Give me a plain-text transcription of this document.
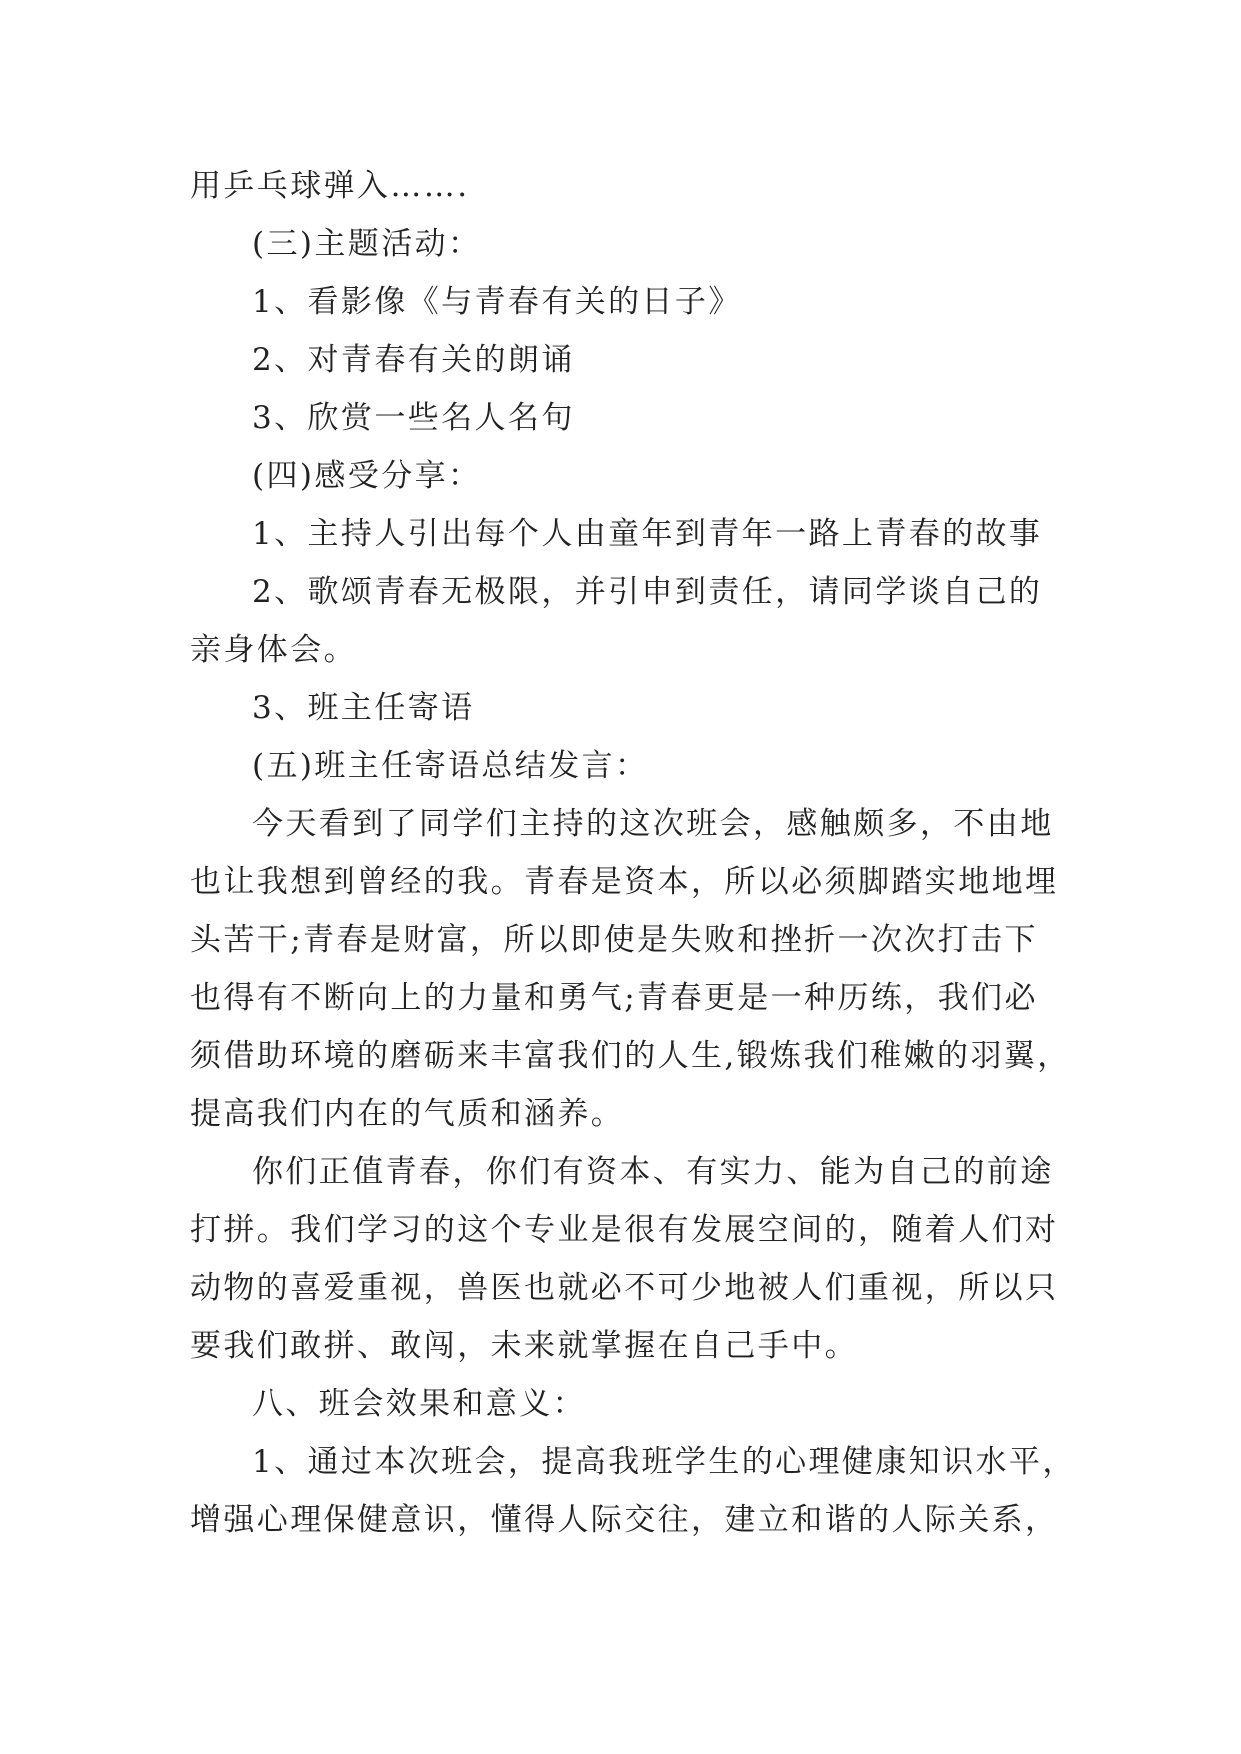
用乒乓球弹入…….
(三)主题活动：
1、看影像《与青春有关的日子》
2、对青春有关的朗诵
3、欣赏一些名人名句
(四)感受分享：
1、主持人引出每个人由童年到青年一路上青春的故事
2、歌颂青春无极限，并引申到责任，请同学谈自己的
亲身体会。
3、班主任寄语
(五)班主任寄语总结发言：
今天看到了同学们主持的这次班会，感触颇多，不由地
也让我想到曾经的我。青春是资本，所以必须脚踏实地地埋
头苦干;青春是财富，所以即使是失败和挫折一次次打击下
也得有不断向上的力量和勇气;青春更是一种历练，我们必
须借助环境的磨砺来丰富我们的人生,锻炼我们稚嫩的羽翼，
提高我们内在的气质和涵养。
你们正值青春，你们有资本、有实力、能为自己的前途
打拼。我们学习的这个专业是很有发展空间的，随着人们对
动物的喜爱重视，兽医也就必不可少地被人们重视，所以只
要我们敢拼、敢闯，未来就掌握在自己手中。
八、班会效果和意义：
1、通过本次班会，提高我班学生的心理健康知识水平，
增强心理保健意识，懂得人际交往，建立和谐的人际关系，
